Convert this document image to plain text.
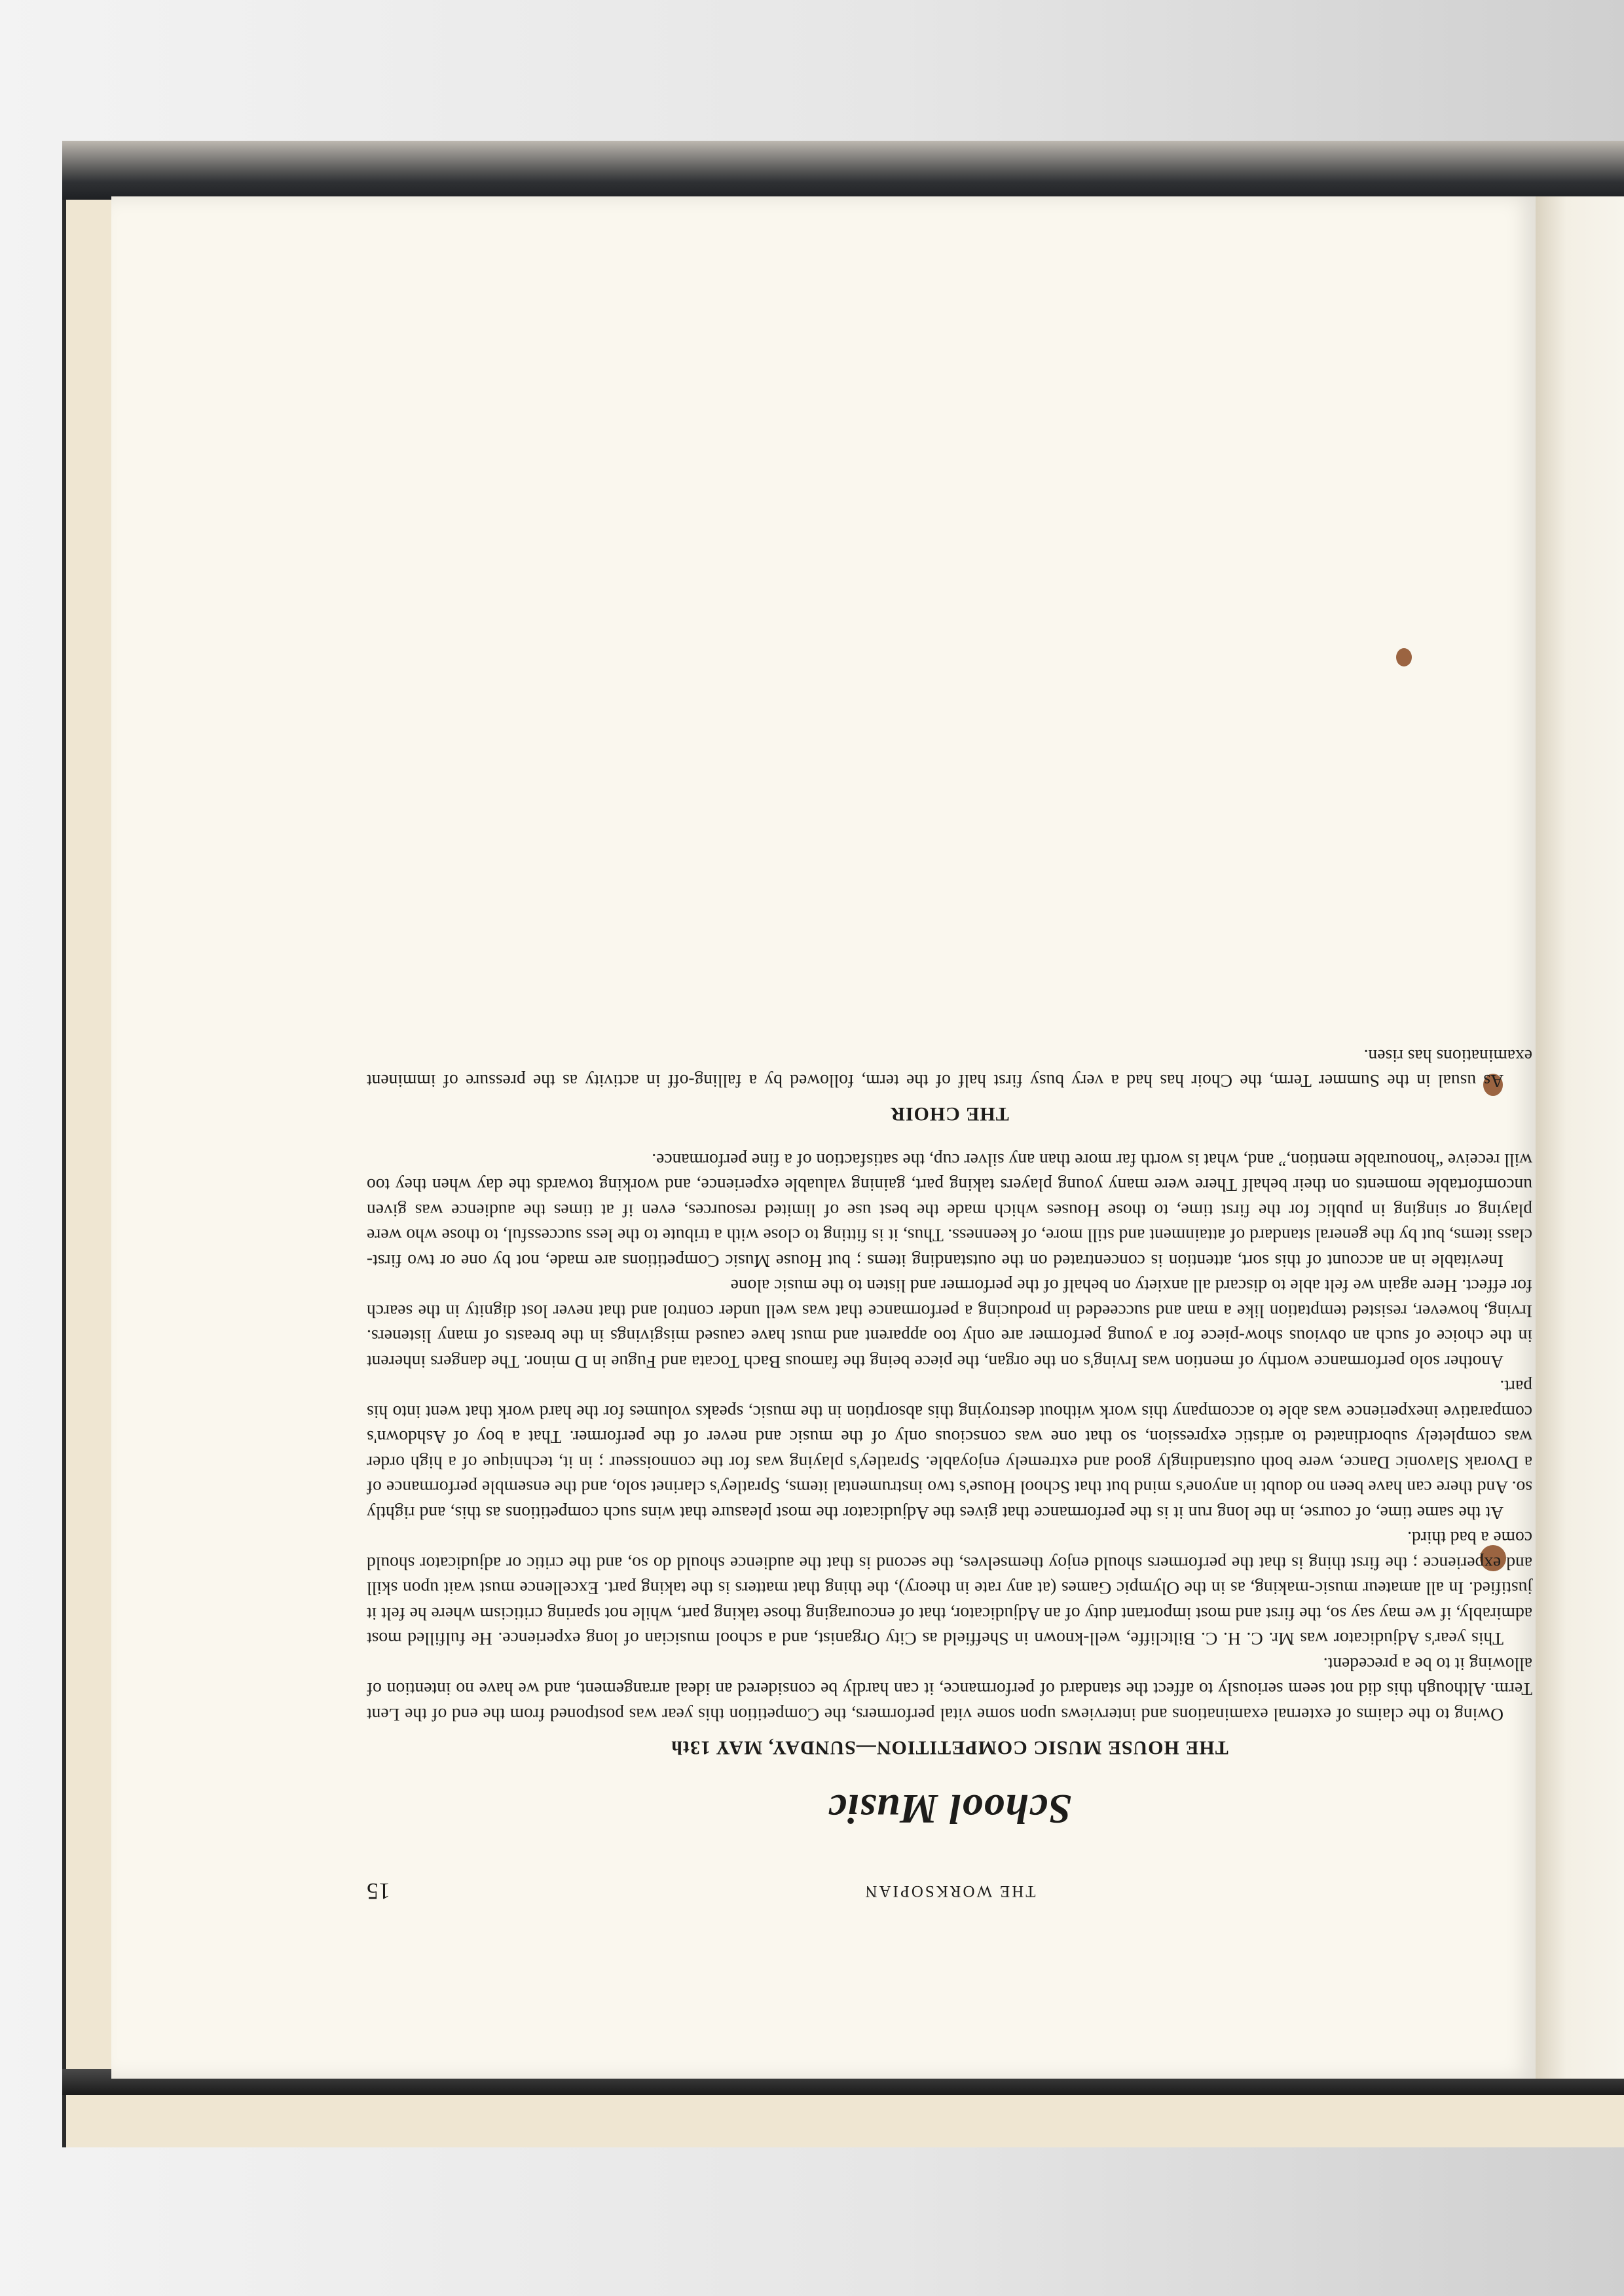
THE WORKSOPIAN
15
School Music
THE HOUSE MUSIC COMPETITION—SUNDAY, MAY 13th

Owing to the claims of external examinations and interviews upon some vital performers, the Competition this year was postponed from the end of the Lent Term. Although this did not seem seriously to affect the standard of performance, it can hardly be considered an ideal arrangement, and we have no intention of allowing it to be a precedent.

This year's Adjudicator was Mr. C. H. C. Biltcliffe, well-known in Sheffield as City Organist, and a school musician of long experience. He fulfilled most admirably, if we may say so, the first and most important duty of an Adjudicator, that of encouraging those taking part, while not sparing criticism where he felt it justified. In all amateur music-making, as in the Olympic Games (at any rate in theory), the thing that matters is the taking part. Excellence must wait upon skill and experience ; the first thing is that the performers should enjoy themselves, the second is that the audience should do so, and the critic or adjudicator should come a bad third.

At the same time, of course, in the long run it is the performance that gives the Adjudicator the most pleasure that wins such competitions as this, and rightly so. And there can have been no doubt in anyone's mind but that School House's two instrumental items, Spratley's clarinet solo, and the ensemble performance of a Dvorak Slavonic Dance, were both outstandingly good and extremely enjoyable. Spratley's playing was for the connoisseur ; in it, technique of a high order was completely subordinated to artistic expression, so that one was conscious only of the music and never of the performer. That a boy of Ashdown's comparative inexperience was able to accompany this work without destroying this absorption in the music, speaks volumes for the hard work that went into his part.

Another solo performance worthy of mention was Irving's on the organ, the piece being the famous Bach Tocata and Fugue in D minor. The dangers inherent in the choice of such an obvious show-piece for a young performer are only too apparent and must have caused misgivings in the breasts of many listeners. Irving, however, resisted temptation like a man and succeeded in producing a performance that was well under control and that never lost dignity in the search for effect. Here again we felt able to discard all anxiety on behalf of the performer and listen to the music alone

Inevitable in an account of this sort, attention is concentrated on the outstanding items ; but House Music Competitions are made, not by one or two first-class items, but by the general standard of attainment and still more, of keenness. Thus, it is fitting to close with a tribute to the less successful, to those who were playing or singing in public for the first time, to those Houses which made the best use of limited resources, even if at times the audience was given uncomfortable moments on their behalf There were many young players taking part, gaining valuable experience, and working towards the day when they too will receive “honourable mention,” and, what is worth far more than any silver cup, the satisfaction of a fine performance.

THE CHOIR

As usual in the Summer Term, the Choir has had a very busy first half of the term, followed by a falling-off in activity as the pressure of imminent examinations has risen.
